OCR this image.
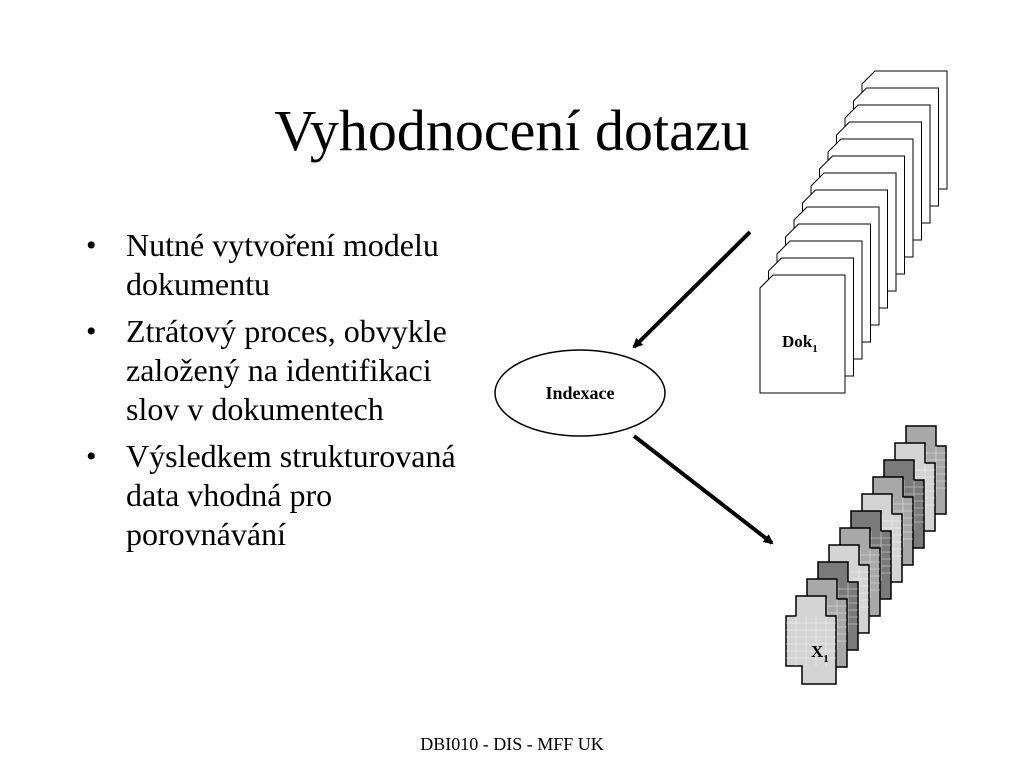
Vyhodnocení dotazu
• Nutné vytvoření modelu dokumentu
• Ztrátový proces, obvykle založený na identifikaci slov v dokumentech
• Výsledkem strukturovaná data vhodná pro porovnávání
Dok$_1$
Indexace
$X_1$
DBI010 - DIS - MFF UK
